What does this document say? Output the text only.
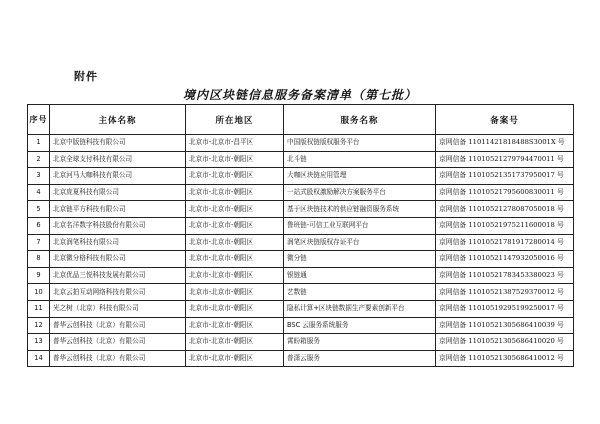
附件
境内区块链信息服务备案清单（第七批）
序号	主体名称	所在地区	服务名称	备案号
1	北京中版链科技有限公司	北京市-北京市-昌平区	中国版权链版权服务平台	京网信备 11011421818488S3001X 号
2	北京全球支付科技有限公司	北京市-北京市-朝阳区	北斗链	京网信备 11010521279794470011 号
3	北京河马大咖科技有限公司	北京市-北京市-朝阳区	大咖区块链应用管理	京网信备 11010521351737950017 号
4	北京庞夏科技有限公司	北京市-北京市-朝阳区	一站式股权激励解决方案服务平台	京网信备 11010521795600830011 号
5	北京链平方科技有限公司	北京市-北京市-朝阳区	基于区块链技术的供应链融资服务系统	京网信备 11010521278087050018 号
6	北京名洋数字科技股份有限公司	北京市-北京市-朝阳区	鲁班链-可信工业互联网平台	京网信备 11010521975211600018 号
7	北京润笔科技有限公司	北京市-北京市-朝阳区	润笔区块链版权存证平台	京网信备 11010521781917280014 号
8	北京微分格科技有限公司	北京市-北京市-朝阳区	微分链	京网信备 11010521147932050016 号
9	北京优品三悦科技发展有限公司	北京市-北京市-朝阳区	银链通	京网信备 11010521783453380023 号
10	北京云拍互动网络科技有限公司	北京市-北京市-朝阳区	艺数链	京网信备 11010521387529370012 号
11	光之树（北京）科技有限公司	北京市-北京市-朝阳区	隐私计算+区块链数据生产要素创新平台	京网信备 11010519295199250017 号
12	普华云创科技（北京）有限公司	北京市-北京市-朝阳区	BSC 云服务系统服务	京网信备 11010521305686410039 号
13	普华云创科技（北京）有限公司	北京市-北京市-朝阳区	霄盼箱服务	京网信备 11010521305686410020 号
14	普华云创科技（北京）有限公司	北京市-北京市-朝阳区	普潇云服务	京网信备 11010521305686410012 号
